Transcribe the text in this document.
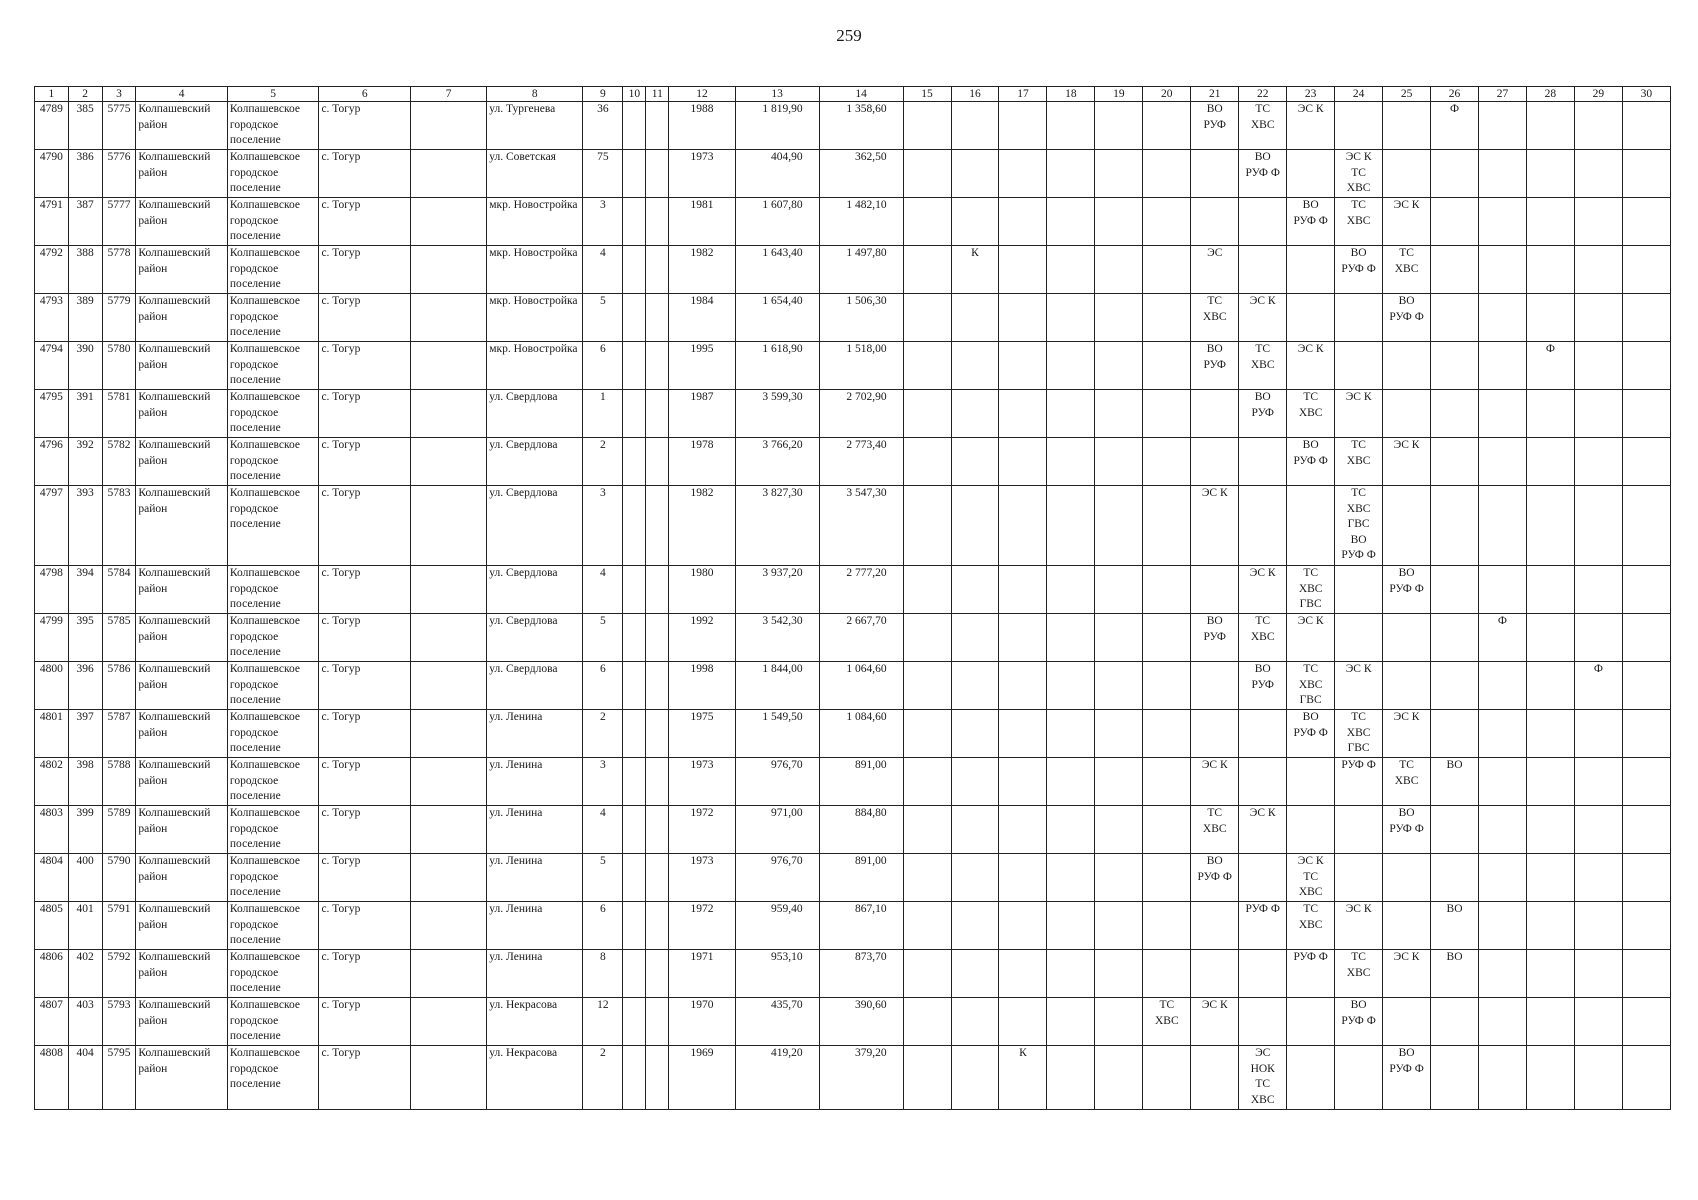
259
1	2	3	4	5	6	7	8	9	10	11	12	13	14	15	16	17	18	19	20	21	22	23	24	25	26	27	28	29	30
4789	385	5775	Колпашевский район	Колпашевское городское поселение	с. Тогур		ул. Тургенева	36			1988	1 819,90	1 358,60							ВО
РУФ	ТС
ХВС	ЭС К			Ф				
4790	386	5776	Колпашевский район	Колпашевское городское поселение	с. Тогур		ул. Советская	75			1973	404,90	362,50								ВО
РУФ Ф		ЭС К
ТС
ХВС						
4791	387	5777	Колпашевский район	Колпашевское городское поселение	с. Тогур		мкр. Новостройка	3			1981	1 607,80	1 482,10									ВО
РУФ Ф	ТС
ХВС	ЭС К					
4792	388	5778	Колпашевский район	Колпашевское городское поселение	с. Тогур		мкр. Новостройка	4			1982	1 643,40	1 497,80		К					ЭС			ВО
РУФ Ф	ТС
ХВС					
4793	389	5779	Колпашевский район	Колпашевское городское поселение	с. Тогур		мкр. Новостройка	5			1984	1 654,40	1 506,30							ТС
ХВС	ЭС К			ВО
РУФ Ф					
4794	390	5780	Колпашевский район	Колпашевское городское поселение	с. Тогур		мкр. Новостройка	6			1995	1 618,90	1 518,00							ВО
РУФ	ТС
ХВС	ЭС К					Ф		
4795	391	5781	Колпашевский район	Колпашевское городское поселение	с. Тогур		ул. Свердлова	1			1987	3 599,30	2 702,90								ВО
РУФ	ТС
ХВС	ЭС К						
4796	392	5782	Колпашевский район	Колпашевское городское поселение	с. Тогур		ул. Свердлова	2			1978	3 766,20	2 773,40									ВО
РУФ Ф	ТС
ХВС	ЭС К					
4797	393	5783	Колпашевский район	Колпашевское городское поселение	с. Тогур		ул. Свердлова	3			1982	3 827,30	3 547,30							ЭС К			ТС
ХВС
ГВС
ВО
РУФ Ф						
4798	394	5784	Колпашевский район	Колпашевское городское поселение	с. Тогур		ул. Свердлова	4			1980	3 937,20	2 777,20								ЭС К	ТС
ХВС
ГВС		ВО
РУФ Ф					
4799	395	5785	Колпашевский район	Колпашевское городское поселение	с. Тогур		ул. Свердлова	5			1992	3 542,30	2 667,70							ВО
РУФ	ТС
ХВС	ЭС К				Ф			
4800	396	5786	Колпашевский район	Колпашевское городское поселение	с. Тогур		ул. Свердлова	6			1998	1 844,00	1 064,60								ВО
РУФ	ТС
ХВС
ГВС	ЭС К					Ф	
4801	397	5787	Колпашевский район	Колпашевское городское поселение	с. Тогур		ул. Ленина	2			1975	1 549,50	1 084,60									ВО
РУФ Ф	ТС
ХВС
ГВС	ЭС К					
4802	398	5788	Колпашевский район	Колпашевское городское поселение	с. Тогур		ул. Ленина	3			1973	976,70	891,00							ЭС К			РУФ Ф	ТС
ХВС	ВО				
4803	399	5789	Колпашевский район	Колпашевское городское поселение	с. Тогур		ул. Ленина	4			1972	971,00	884,80							ТС
ХВС	ЭС К			ВО
РУФ Ф					
4804	400	5790	Колпашевский район	Колпашевское городское поселение	с. Тогур		ул. Ленина	5			1973	976,70	891,00							ВО
РУФ Ф		ЭС К
ТС
ХВС							
4805	401	5791	Колпашевский район	Колпашевское городское поселение	с. Тогур		ул. Ленина	6			1972	959,40	867,10								РУФ Ф	ТС
ХВС	ЭС К		ВО				
4806	402	5792	Колпашевский район	Колпашевское городское поселение	с. Тогур		ул. Ленина	8			1971	953,10	873,70									РУФ Ф	ТС
ХВС	ЭС К	ВО				
4807	403	5793	Колпашевский район	Колпашевское городское поселение	с. Тогур		ул. Некрасова	12			1970	435,70	390,60						ТС
ХВС	ЭС К			ВО
РУФ Ф						
4808	404	5795	Колпашевский район	Колпашевское городское поселение	с. Тогур		ул. Некрасова	2			1969	419,20	379,20			К					ЭС
НОК
ТС
ХВС			ВО
РУФ Ф					
